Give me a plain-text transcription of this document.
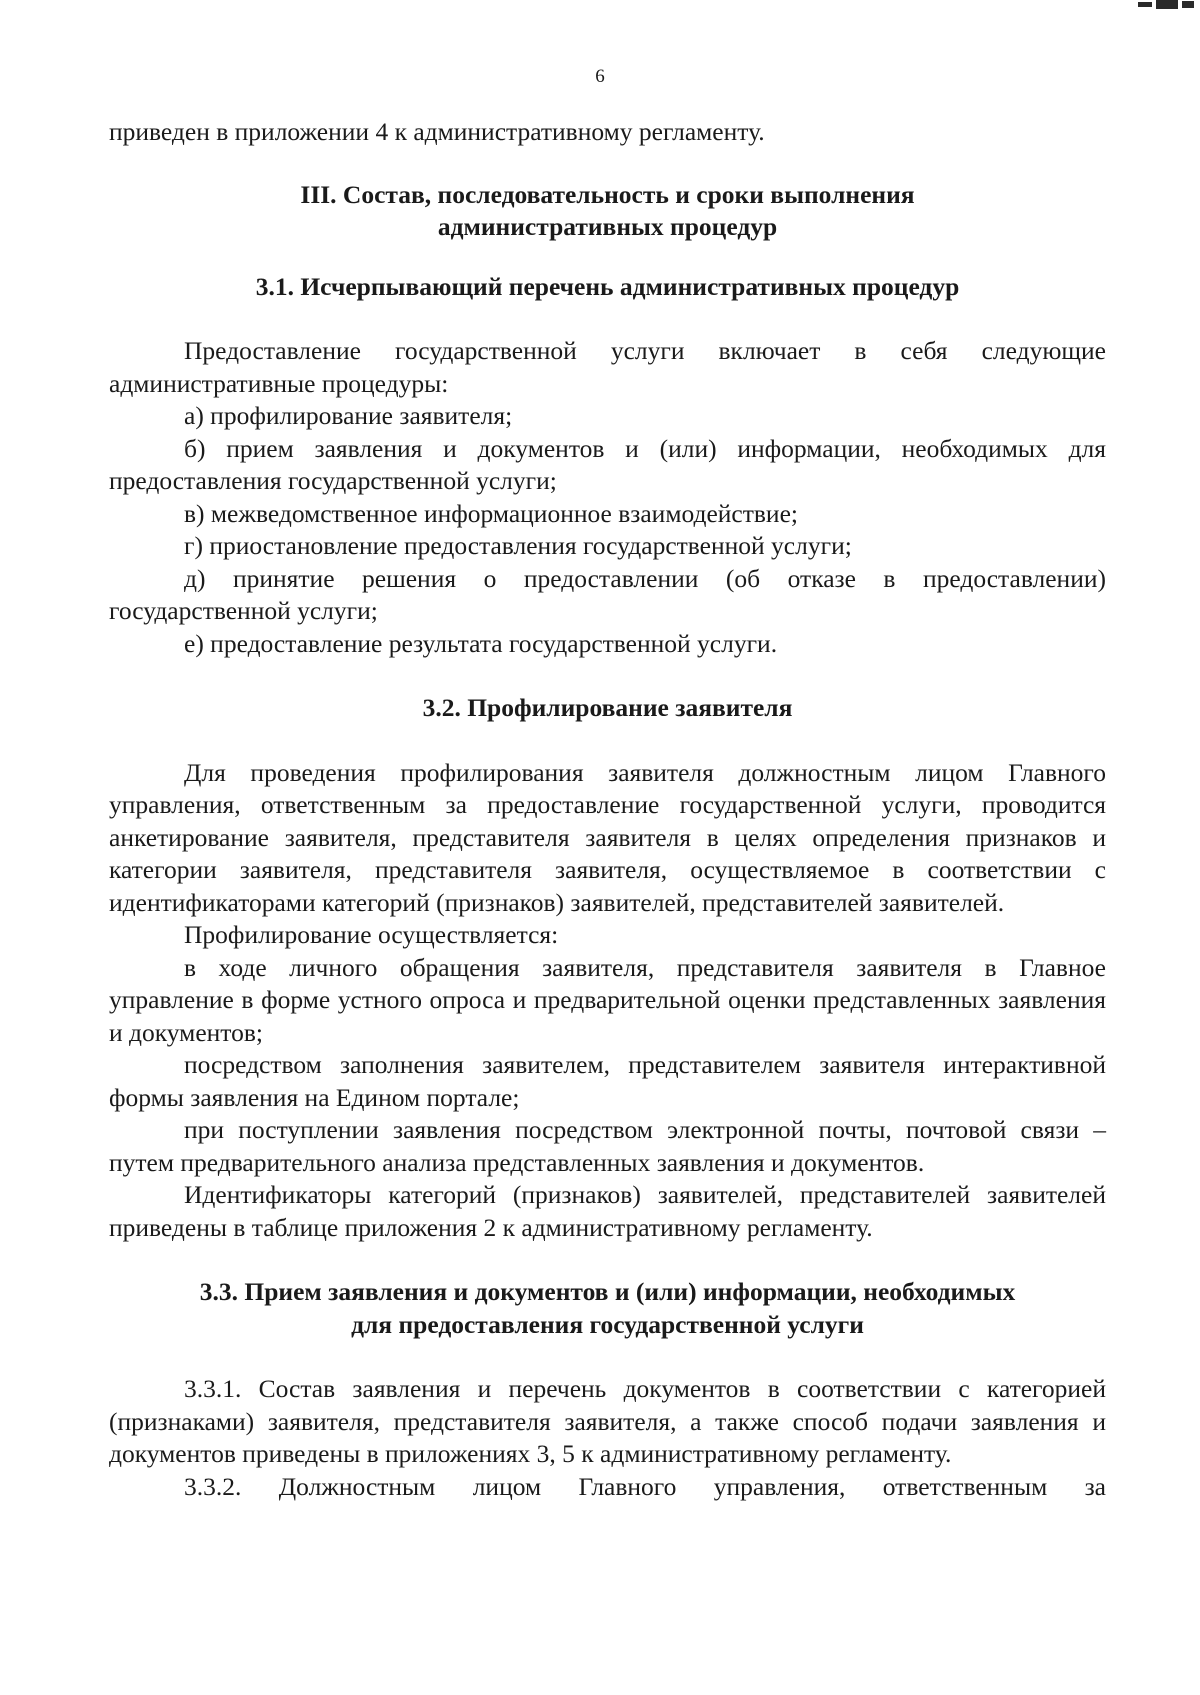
6

приведен в приложении 4 к административному регламенту.

III. Состав, последовательность и сроки выполнения
административных процедур
3.1. Исчерпывающий перечень административных процедур

Предоставление государственной услуги включает в себя следующие административные процедуры:

а) профилирование заявителя;

б) прием заявления и документов и (или) информации, необходимых для предоставления государственной услуги;

в) межведомственное информационное взаимодействие;

г) приостановление предоставления государственной услуги;

д) принятие решения о предоставлении (об отказе в предоставлении) государственной услуги;

е) предоставление результата государственной услуги.

3.2. Профилирование заявителя

Для проведения профилирования заявителя должностным лицом Главного управления, ответственным за предоставление государственной услуги, проводится анкетирование заявителя, представителя заявителя в целях определения признаков и категории заявителя, представителя заявителя, осуществляемое в соответствии с идентификаторами категорий (признаков) заявителей, представителей заявителей.

Профилирование осуществляется:

в ходе личного обращения заявителя, представителя заявителя в Главное управление в форме устного опроса и предварительной оценки представленных заявления и документов;

посредством заполнения заявителем, представителем заявителя интерактивной формы заявления на Едином портале;

при поступлении заявления посредством электронной почты, почтовой связи – путем предварительного анализа представленных заявления и документов.

Идентификаторы категорий (признаков) заявителей, представителей заявителей приведены в таблице приложения 2 к административному регламенту.

3.3. Прием заявления и документов и (или) информации, необходимых
для предоставления государственной услуги

3.3.1. Состав заявления и перечень документов в соответствии с категорией (признаками) заявителя, представителя заявителя, а также способ подачи заявления и документов приведены в приложениях 3, 5 к административному регламенту.

3.3.2. Должностным лицом Главного управления, ответственным за
